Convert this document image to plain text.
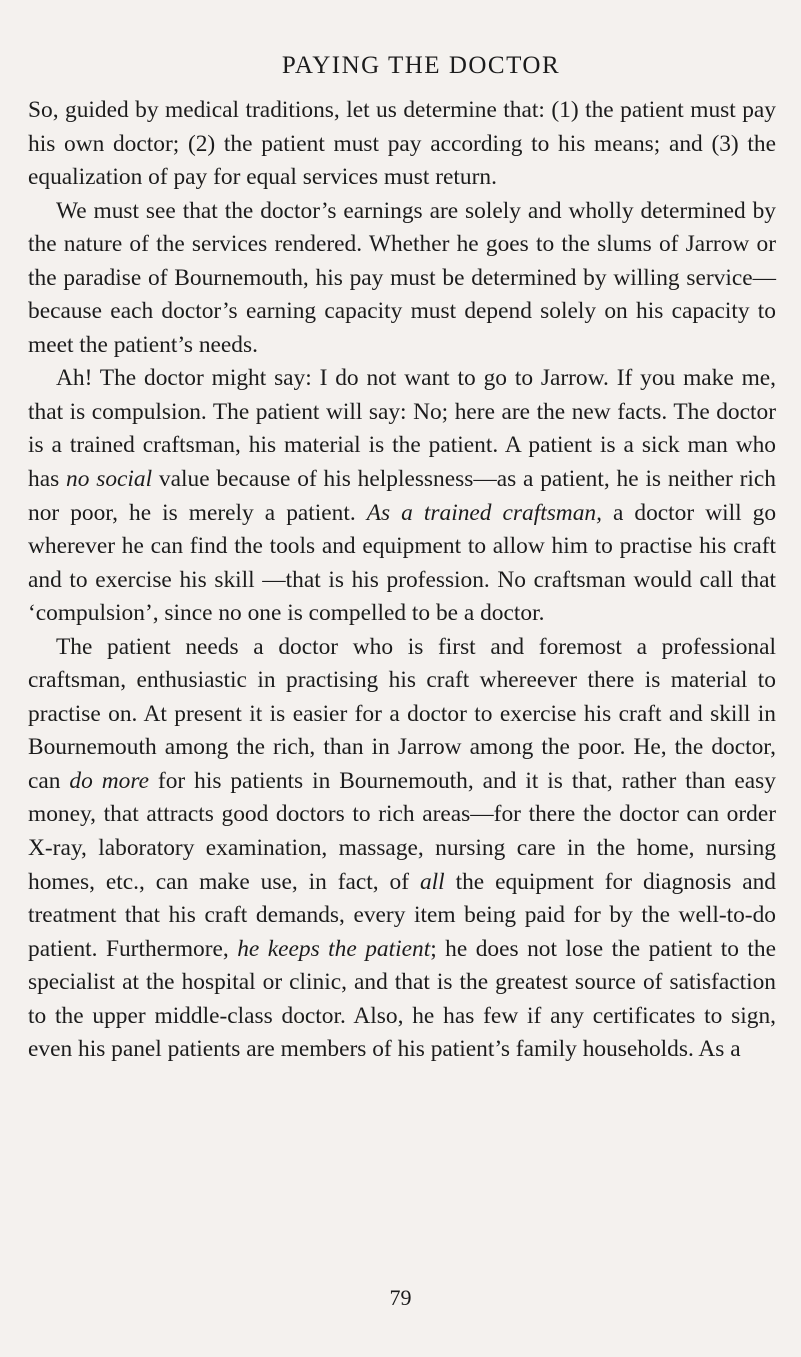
PAYING THE DOCTOR

So, guided by medical traditions, let us determine that: (1) the patient must pay his own doctor; (2) the patient must pay according to his means; and (3) the equalization of pay for equal services must return.

We must see that the doctor’s earnings are solely and wholly determined by the nature of the services rendered. Whether he goes to the slums of Jarrow or the paradise of Bournemouth, his pay must be determined by willing service—because each doctor’s earning capacity must depend solely on his capacity to meet the patient’s needs.

Ah! The doctor might say: I do not want to go to Jarrow. If you make me, that is compulsion. The patient will say: No; here are the new facts. The doctor is a trained craftsman, his material is the patient. A patient is a sick man who has no social value because of his helplessness—as a patient, he is neither rich nor poor, he is merely a patient. As a trained craftsman, a doctor will go wherever he can find the tools and equipment to allow him to practise his craft and to exercise his skill —that is his profession. No craftsman would call that ‘compulsion’, since no one is compelled to be a doctor.

The patient needs a doctor who is first and foremost a professional craftsman, enthusiastic in practising his craft whereever there is material to practise on. At present it is easier for a doctor to exercise his craft and skill in Bournemouth among the rich, than in Jarrow among the poor. He, the doctor, can do more for his patients in Bournemouth, and it is that, rather than easy money, that attracts good doctors to rich areas—for there the doctor can order X-ray, laboratory examination, massage, nursing care in the home, nursing homes, etc., can make use, in fact, of all the equipment for diagnosis and treatment that his craft demands, every item being paid for by the well-to-do patient. Furthermore, he keeps the patient; he does not lose the patient to the specialist at the hospital or clinic, and that is the greatest source of satisfaction to the upper middle-class doctor. Also, he has few if any certificates to sign, even his panel patients are members of his patient’s family households. As a

79
